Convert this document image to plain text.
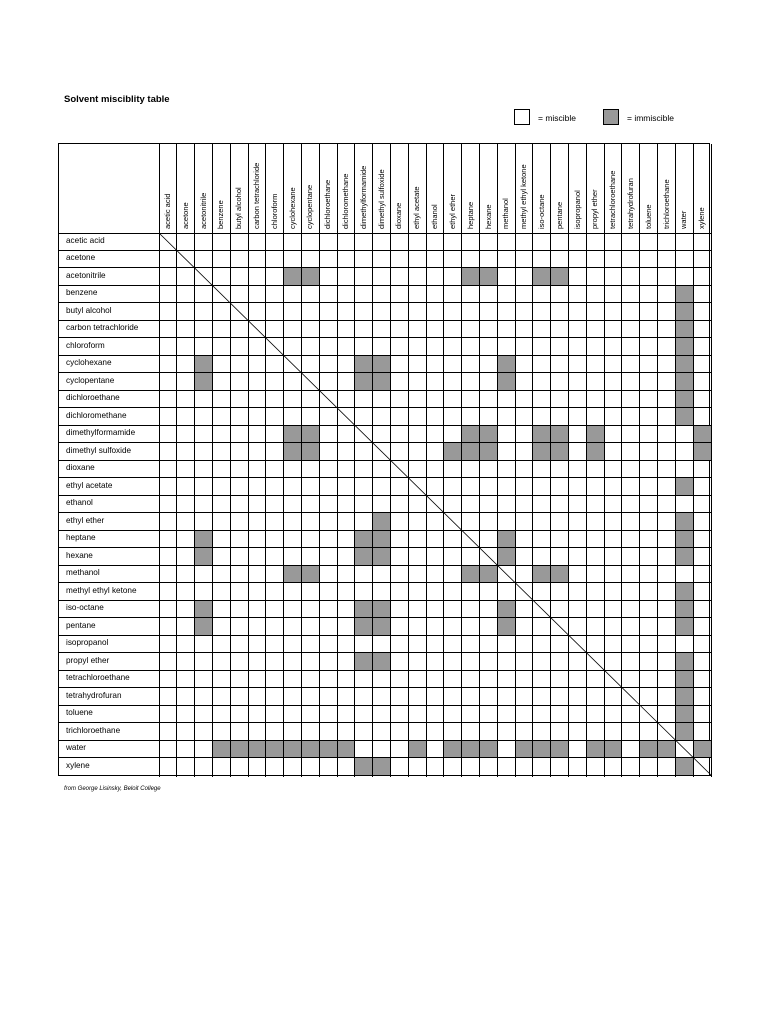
Solvent misciblity table
= miscible	= immiscible
acetic acid
acetone
acetonitrile
benzene
butyl alcohol
carbon tetrachloride
chloroform
cyclohexane
cyclopentane
dichloroethane
dichloromethane
dimethylformamide
dimethyl sulfoxide
dioxane
ethyl acetate
ethanol
ethyl ether
heptane
hexane
methanol
methyl ethyl ketone
iso-octane
pentane
isopropanol
propyl ether
tetrachloroethane
tetrahydrofuran
toluene
trichloroethane
water
xylene
acetic acid acetone acetonitrile benzene butyl alcohol carbon tetrachloride chloroform cyclohexane cyclopentane dichloroethane dichloromethane dimethylformamide dimethyl sulfoxide dioxane ethyl acetate ethanol ethyl ether heptane hexane methanol methyl ethyl ketone iso-octane pentane isopropanol propyl ether tetrachloroethane tetrahydrofuran toluene trichloroethane water xylene
from George Lisinsky, Beloit College
